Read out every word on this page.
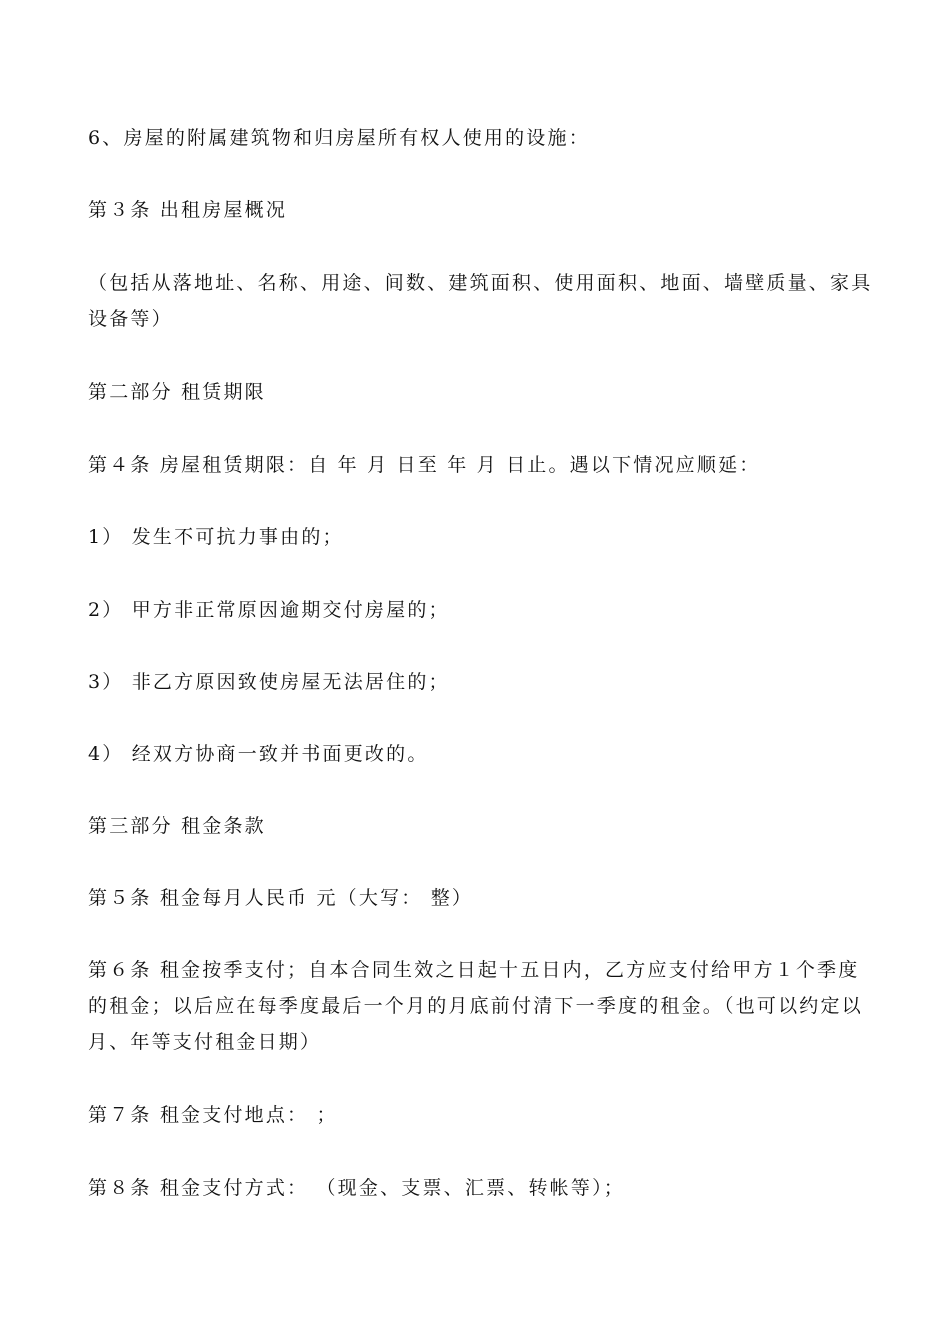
6、房屋的附属建筑物和归房屋所有权人使用的设施：

第３条 出租房屋概况

（包括从落地址、名称、用途、间数、建筑面积、使用面积、地面、墙壁质量、家具设备等）

第二部分 租赁期限

第４条 房屋租赁期限：自 年 月 日至 年 月 日止。遇以下情况应顺延：

1） 发生不可抗力事由的；

2） 甲方非正常原因逾期交付房屋的；

3） 非乙方原因致使房屋无法居住的；

4） 经双方协商一致并书面更改的。

第三部分 租金条款

第５条 租金每月人民币 元（大写： 整）

第６条 租金按季支付；自本合同生效之日起十五日内，乙方应支付给甲方１个季度的租金；以后应在每季度最后一个月的月底前付清下一季度的租金。（也可以约定以月、年等支付租金日期）

第７条 租金支付地点： ；

第８条 租金支付方式： （现金、支票、汇票、转帐等）；
